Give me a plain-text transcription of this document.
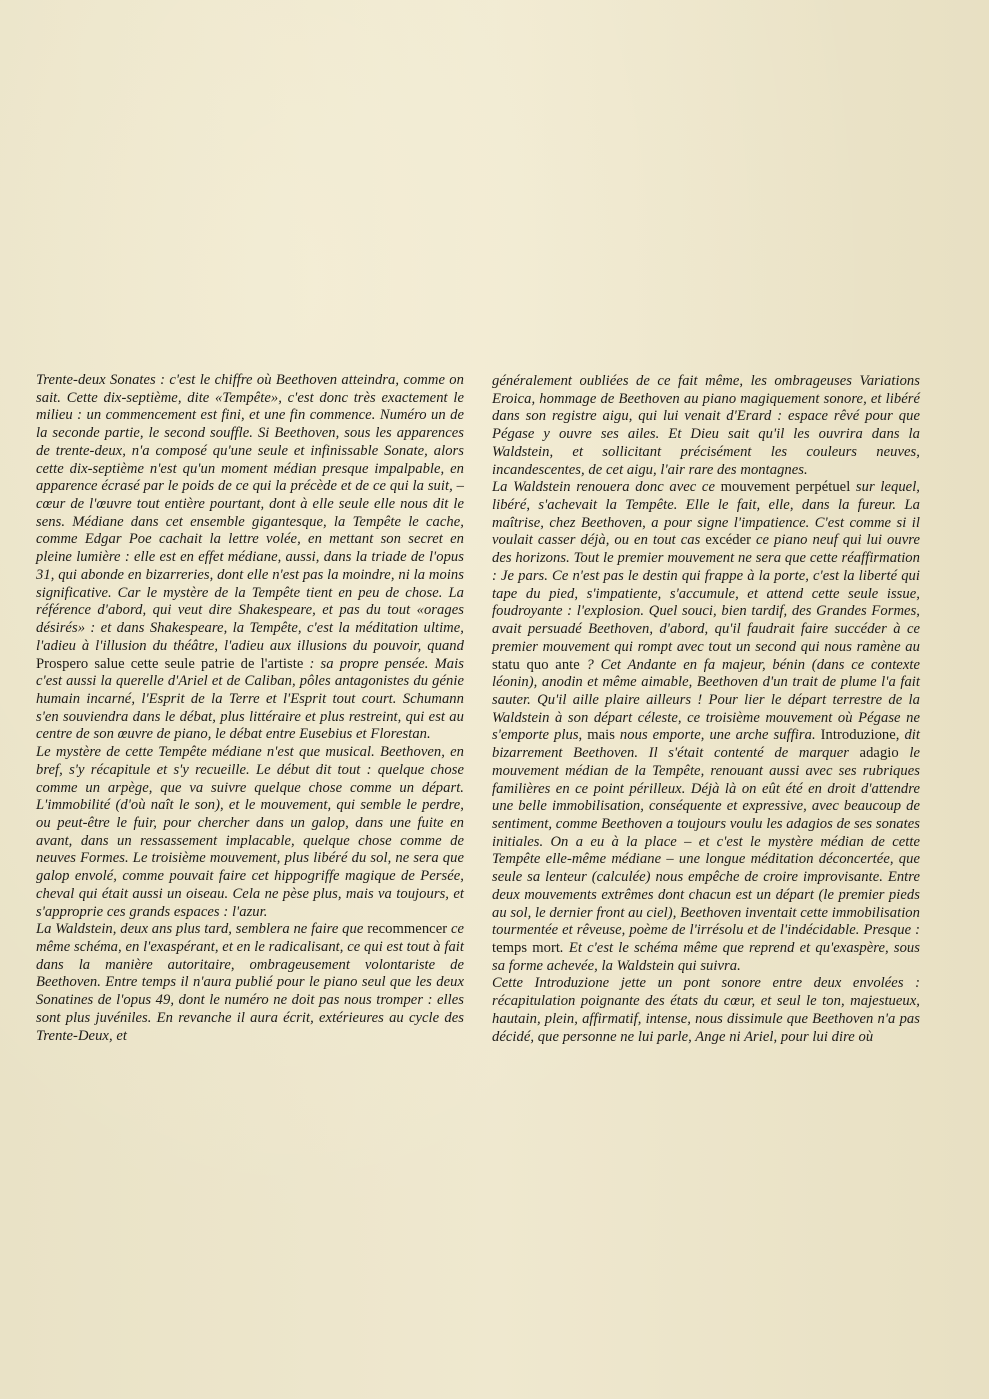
Trente-deux Sonates : c'est le chiffre où Beethoven atteindra, comme on sait. Cette dix-septième, dite «Tempête», c'est donc très exactement le milieu : un commencement est fini, et une fin commence. Numéro un de la seconde partie, le second souffle. Si Beethoven, sous les apparences de trente-deux, n'a composé qu'une seule et infinissable Sonate, alors cette dix-septième n'est qu'un moment médian presque impalpable, en apparence écrasé par le poids de ce qui la précède et de ce qui la suit, – cœur de l'œuvre tout entière pourtant, dont à elle seule elle nous dit le sens. Médiane dans cet ensemble gigantesque, la Tempête le cache, comme Edgar Poe cachait la lettre volée, en mettant son secret en pleine lumière : elle est en effet médiane, aussi, dans la triade de l'opus 31, qui abonde en bizarreries, dont elle n'est pas la moindre, ni la moins significative. Car le mystère de la Tempête tient en peu de chose. La référence d'abord, qui veut dire Shakespeare, et pas du tout «orages désirés» : et dans Shakespeare, la Tempête, c'est la méditation ultime, l'adieu à l'illusion du théâtre, l'adieu aux illusions du pouvoir, quand Prospero salue cette seule patrie de l'artiste : sa propre pensée. Mais c'est aussi la querelle d'Ariel et de Caliban, pôles antagonistes du génie humain incarné, l'Esprit de la Terre et l'Esprit tout court. Schumann s'en souviendra dans le débat, plus littéraire et plus restreint, qui est au centre de son œuvre de piano, le débat entre Eusebius et Florestan.

Le mystère de cette Tempête médiane n'est que musical. Beethoven, en bref, s'y récapitule et s'y recueille. Le début dit tout : quelque chose comme un arpège, que va suivre quelque chose comme un départ. L'immobilité (d'où naît le son), et le mouvement, qui semble le perdre, ou peut-être le fuir, pour chercher dans un galop, dans une fuite en avant, dans un ressassement implacable, quelque chose comme de neuves Formes. Le troisième mouvement, plus libéré du sol, ne sera que galop envolé, comme pouvait faire cet hippogriffe magique de Persée, cheval qui était aussi un oiseau. Cela ne pèse plus, mais va toujours, et s'approprie ces grands espaces : l'azur.

La Waldstein, deux ans plus tard, semblera ne faire que recommencer ce même schéma, en l'exaspérant, et en le radicalisant, ce qui est tout à fait dans la manière autoritaire, ombrageusement volontariste de Beethoven. Entre temps il n'aura publié pour le piano seul que les deux Sonatines de l'opus 49, dont le numéro ne doit pas nous tromper : elles sont plus juvéniles. En revanche il aura écrit, extérieures au cycle des Trente-Deux, et

généralement oubliées de ce fait même, les ombrageuses Variations Eroica, hommage de Beethoven au piano magiquement sonore, et libéré dans son registre aigu, qui lui venait d'Erard : espace rêvé pour que Pégase y ouvre ses ailes. Et Dieu sait qu'il les ouvrira dans la Waldstein, et sollicitant précisément les couleurs neuves, incandescentes, de cet aigu, l'air rare des montagnes.

La Waldstein renouera donc avec ce mouvement perpétuel sur lequel, libéré, s'achevait la Tempête. Elle le fait, elle, dans la fureur. La maîtrise, chez Beethoven, a pour signe l'impatience. C'est comme si il voulait casser déjà, ou en tout cas excéder ce piano neuf qui lui ouvre des horizons. Tout le premier mouvement ne sera que cette réaffirmation : Je pars. Ce n'est pas le destin qui frappe à la porte, c'est la liberté qui tape du pied, s'impatiente, s'accumule, et attend cette seule issue, foudroyante : l'explosion. Quel souci, bien tardif, des Grandes Formes, avait persuadé Beethoven, d'abord, qu'il faudrait faire succéder à ce premier mouvement qui rompt avec tout un second qui nous ramène au statu quo ante ? Cet Andante en fa majeur, bénin (dans ce contexte léonin), anodin et même aimable, Beethoven d'un trait de plume l'a fait sauter. Qu'il aille plaire ailleurs ! Pour lier le départ terrestre de la Waldstein à son départ céleste, ce troisième mouvement où Pégase ne s'emporte plus, mais nous emporte, une arche suffira. Introduzione, dit bizarrement Beethoven. Il s'était contenté de marquer adagio le mouvement médian de la Tempête, renouant aussi avec ses rubriques familières en ce point périlleux. Déjà là on eût été en droit d'attendre une belle immobilisation, conséquente et expressive, avec beaucoup de sentiment, comme Beethoven a toujours voulu les adagios de ses sonates initiales. On a eu à la place – et c'est le mystère médian de cette Tempête elle-même médiane – une longue méditation déconcertée, que seule sa lenteur (calculée) nous empêche de croire improvisante. Entre deux mouvements extrêmes dont chacun est un départ (le premier pieds au sol, le dernier front au ciel), Beethoven inventait cette immobilisation tourmentée et rêveuse, poème de l'irrésolu et de l'indécidable. Presque : temps mort. Et c'est le schéma même que reprend et qu'exaspère, sous sa forme achevée, la Waldstein qui suivra.

Cette Introduzione jette un pont sonore entre deux envolées : récapitulation poignante des états du cœur, et seul le ton, majestueux, hautain, plein, affirmatif, intense, nous dissimule que Beethoven n'a pas décidé, que personne ne lui parle, Ange ni Ariel, pour lui dire où
